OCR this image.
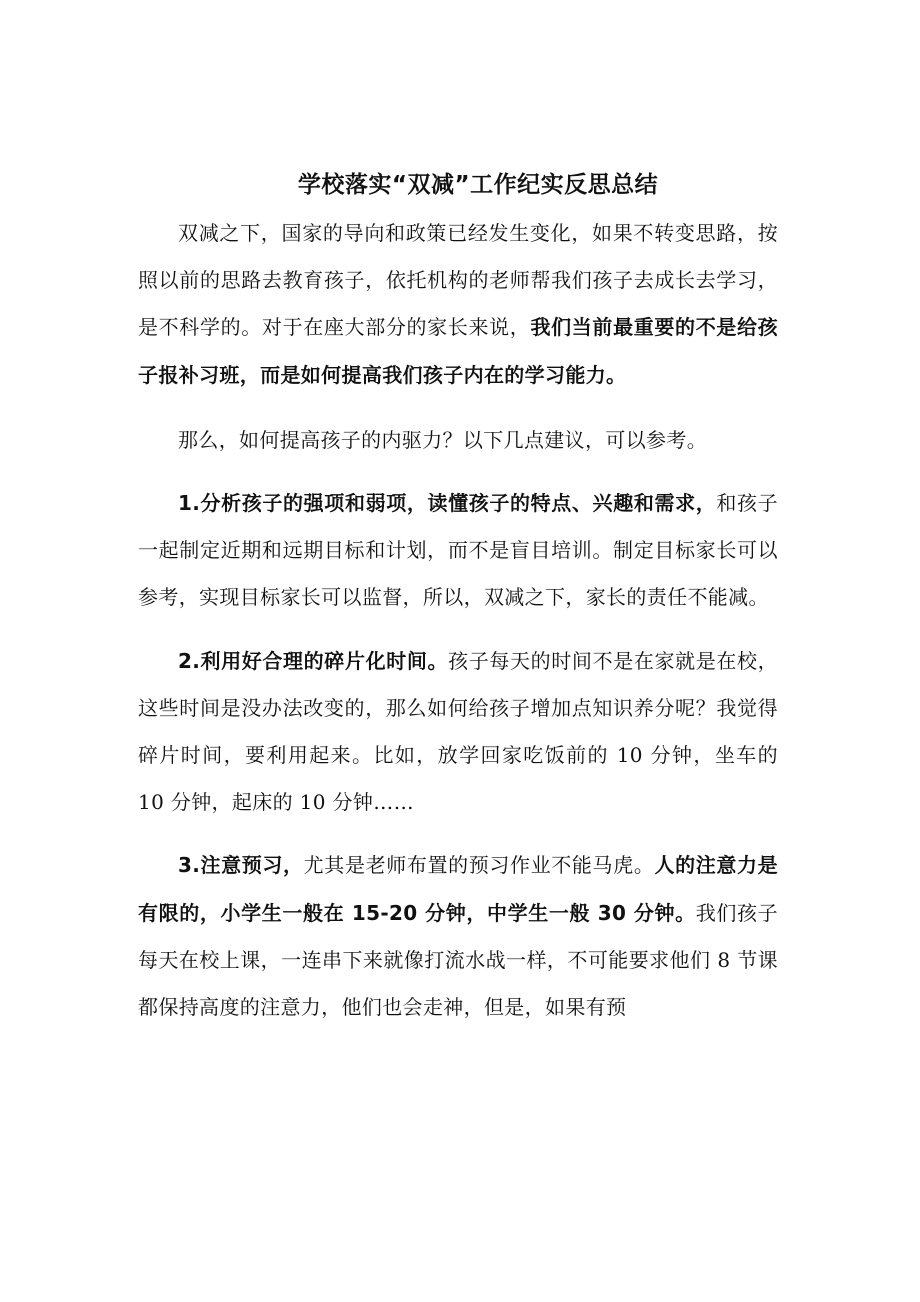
学校落实“双减”工作纪实反思总结

双减之下，国家的导向和政策已经发生变化，如果不转变思路，按照以前的思路去教育孩子，依托机构的老师帮我们孩子去成长去学习，是不科学的。对于在座大部分的家长来说，我们当前最重要的不是给孩子报补习班，而是如何提高我们孩子内在的学习能力。

那么，如何提高孩子的内驱力？以下几点建议，可以参考。

1.分析孩子的强项和弱项，读懂孩子的特点、兴趣和需求，和孩子一起制定近期和远期目标和计划，而不是盲目培训。制定目标家长可以参考，实现目标家长可以监督，所以，双减之下，家长的责任不能减。

2.利用好合理的碎片化时间。孩子每天的时间不是在家就是在校，这些时间是没办法改变的，那么如何给孩子增加点知识养分呢？我觉得碎片时间，要利用起来。比如，放学回家吃饭前的 10 分钟，坐车的 10 分钟，起床的 10 分钟……

3.注意预习，尤其是老师布置的预习作业不能马虎。人的注意力是有限的，小学生一般在 15-20 分钟，中学生一般 30 分钟。我们孩子每天在校上课，一连串下来就像打流水战一样，不可能要求他们 8 节课都保持高度的注意力，他们也会走神，但是，如果有预
